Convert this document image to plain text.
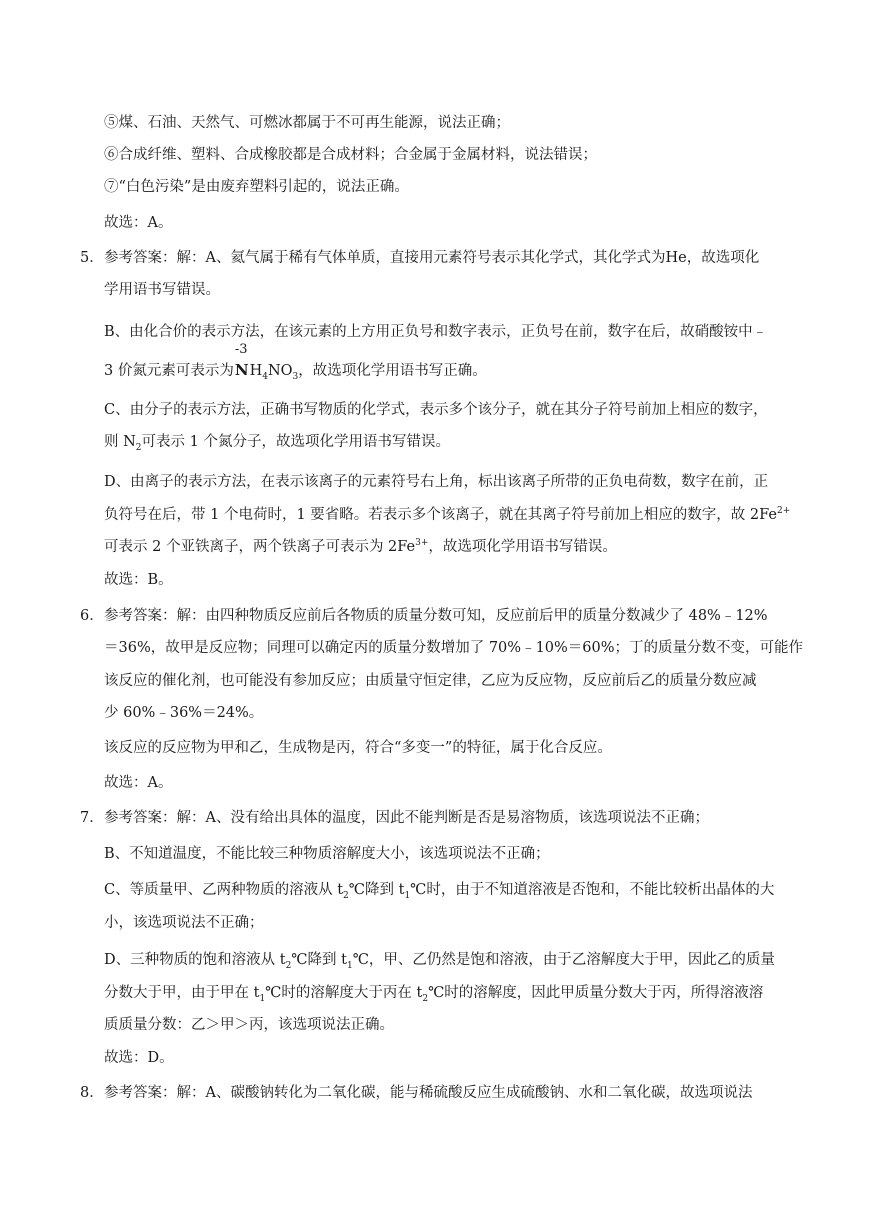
⑤煤、石油、天然气、可燃冰都属于不可再生能源，说法正确；
⑥合成纤维、塑料、合成橡胶都是合成材料；合金属于金属材料，说法错误；
⑦“白色污染”是由废弃塑料引起的，说法正确。
故选：A。
5． 参考答案：解：A、氦气属于稀有气体单质，直接用元素符号表示其化学式，其化学式为He，故选项化
学用语书写错误。
B、由化合价的表示方法，在该元素的上方用正负号和数字表示，正负号在前，数字在后，故硝酸铵中﹣
3 价氮元素可表示为
-3
$NH_4NO_3$，故选项化学用语书写正确。
C、由分子的表示方法，正确书写物质的化学式，表示多个该分子，就在其分子符号前加上相应的数字，
则 $N_2$可表示 1 个氮分子，故选项化学用语书写错误。
D、由离子的表示方法，在表示该离子的元素符号右上角，标出该离子所带的正负电荷数，数字在前，正
负符号在后，带 1 个电荷时，1 要省略。若表示多个该离子，就在其离子符号前加上相应的数字，故 $2Fe^{2+}$
可表示 2 个亚铁离子，两个铁离子可表示为 $2Fe^{3+}$，故选项化学用语书写错误。
故选：B。
6． 参考答案：解：由四种物质反应前后各物质的质量分数可知，反应前后甲的质量分数减少了 48%﹣12%
＝36%，故甲是反应物；同理可以确定丙的质量分数增加了 70%﹣10%＝60%；丁的质量分数不变，可能作
该反应的催化剂，也可能没有参加反应；由质量守恒定律，乙应为反应物，反应前后乙的质量分数应减
少 60%﹣36%＝24%。
该反应的反应物为甲和乙，生成物是丙，符合“多变一”的特征，属于化合反应。
故选：A。
7． 参考答案：解：A、没有给出具体的温度，因此不能判断是否是易溶物质，该选项说法不正确；
B、不知道温度，不能比较三种物质溶解度大小，该选项说法不正确；
C、等质量甲、乙两种物质的溶液从 $t_2℃$降到 $t_1℃$时，由于不知道溶液是否饱和，不能比较析出晶体的大
小，该选项说法不正确；
D、三种物质的饱和溶液从 $t_2℃$降到 $t_1℃$，甲、乙仍然是饱和溶液，由于乙溶解度大于甲，因此乙的质量
分数大于甲，由于甲在 $t_1℃$时的溶解度大于丙在 $t_2℃$时的溶解度，因此甲质量分数大于丙，所得溶液溶
质质量分数：乙＞甲＞丙，该选项说法正确。
故选：D。
8． 参考答案：解：A、碳酸钠转化为二氧化碳，能与稀硫酸反应生成硫酸钠、水和二氧化碳，故选项说法
